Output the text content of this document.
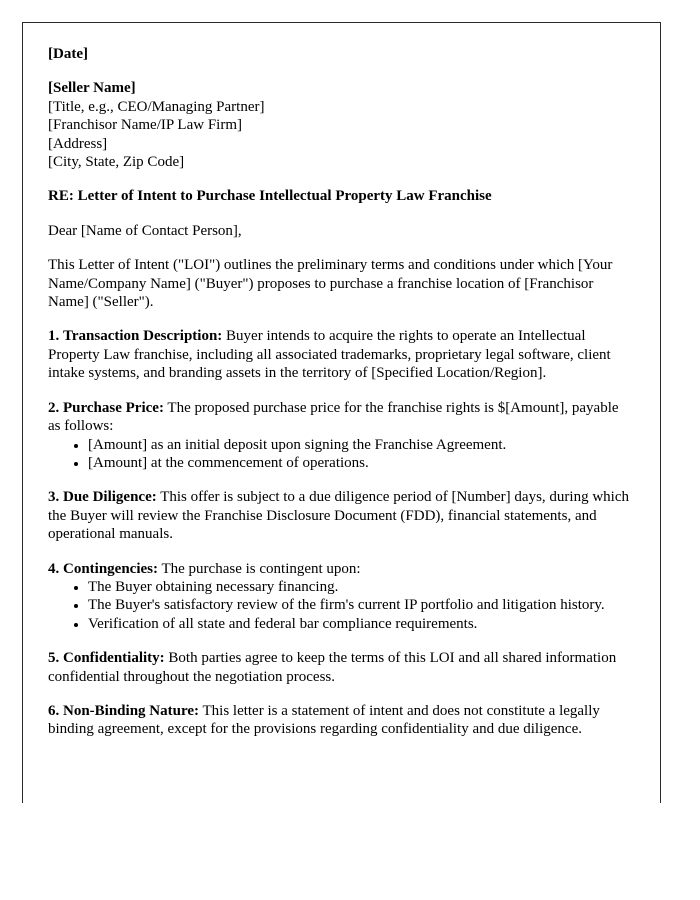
[Date]

[Seller Name]

[Title, e.g., CEO/Managing Partner]

[Franchisor Name/IP Law Firm]

[Address]

[City, State, Zip Code]

RE: Letter of Intent to Purchase Intellectual Property Law Franchise

Dear [Name of Contact Person],

This Letter of Intent ("LOI") outlines the preliminary terms and conditions under which [Your Name/Company Name] ("Buyer") proposes to purchase a franchise location of [Franchisor Name] ("Seller").

1. Transaction Description: Buyer intends to acquire the rights to operate an Intellectual Property Law franchise, including all associated trademarks, proprietary legal software, client intake systems, and branding assets in the territory of [Specified Location/Region].

2. Purchase Price: The proposed purchase price for the franchise rights is $[Amount], payable as follows:

• [Amount] as an initial deposit upon signing the Franchise Agreement.
• [Amount] at the commencement of operations.

3. Due Diligence: This offer is subject to a due diligence period of [Number] days, during which the Buyer will review the Franchise Disclosure Document (FDD), financial statements, and operational manuals.

4. Contingencies: The purchase is contingent upon:

• The Buyer obtaining necessary financing.
• The Buyer's satisfactory review of the firm's current IP portfolio and litigation history.
• Verification of all state and federal bar compliance requirements.

5. Confidentiality: Both parties agree to keep the terms of this LOI and all shared information confidential throughout the negotiation process.

6. Non-Binding Nature: This letter is a statement of intent and does not constitute a legally binding agreement, except for the provisions regarding confidentiality and due diligence.
